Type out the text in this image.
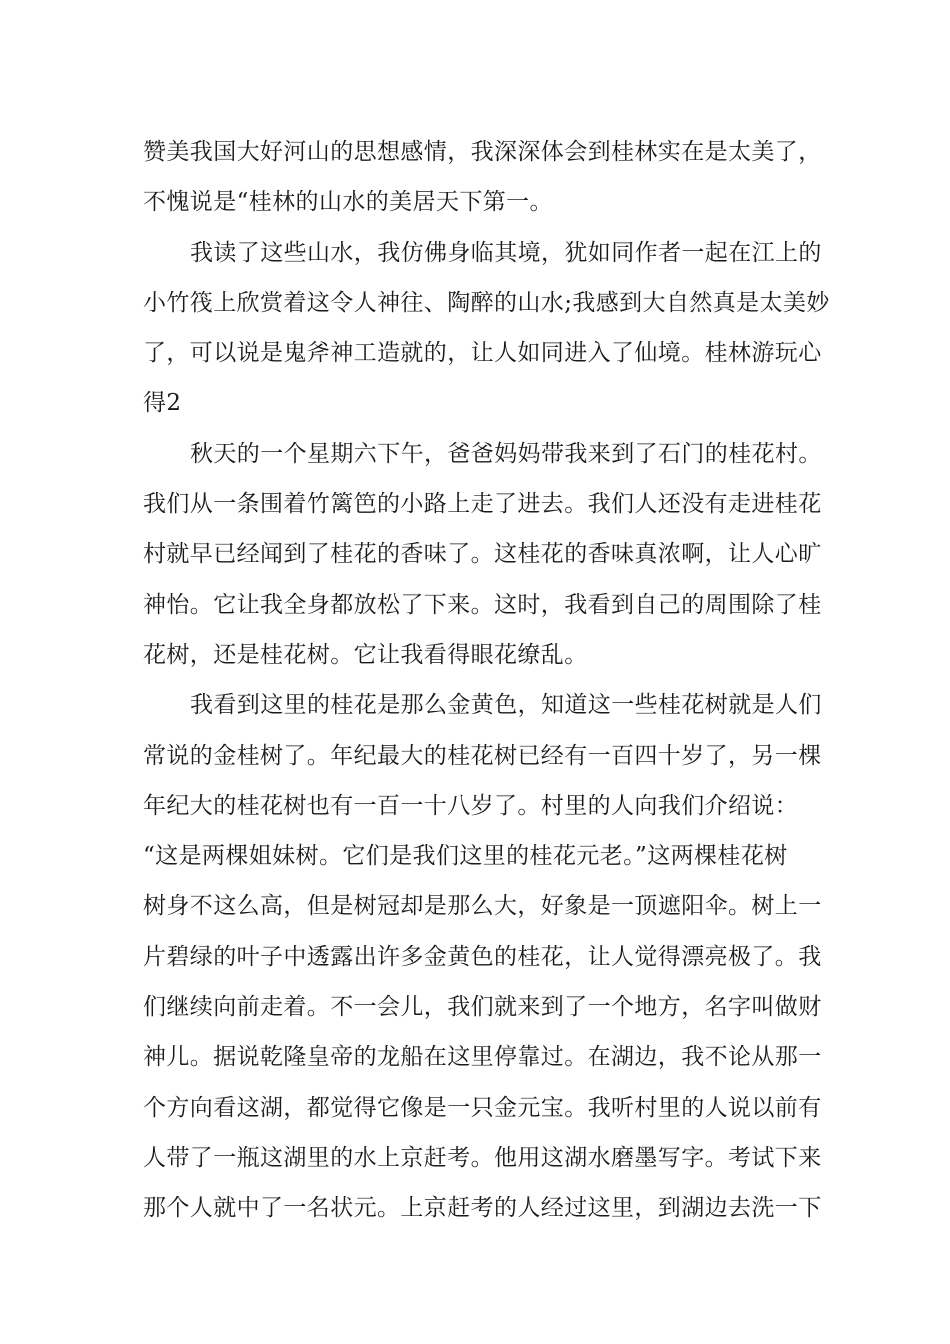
赞美我国大好河山的思想感情，我深深体会到桂林实在是太美了，
不愧说是“桂林的山水的美居天下第一。
我读了这些山水，我仿佛身临其境，犹如同作者一起在江上的
小竹筏上欣赏着这令人神往、陶醉的山水;我感到大自然真是太美妙
了，可以说是鬼斧神工造就的，让人如同进入了仙境。桂林游玩心
得2
秋天的一个星期六下午，爸爸妈妈带我来到了石门的桂花村。
我们从一条围着竹篱笆的小路上走了进去。我们人还没有走进桂花
村就早已经闻到了桂花的香味了。这桂花的香味真浓啊，让人心旷
神怡。它让我全身都放松了下来。这时，我看到自己的周围除了桂
花树，还是桂花树。它让我看得眼花缭乱。
我看到这里的桂花是那么金黄色，知道这一些桂花树就是人们
常说的金桂树了。年纪最大的桂花树已经有一百四十岁了，另一棵
年纪大的桂花树也有一百一十八岁了。村里的人向我们介绍说：
“这是两棵姐妹树。它们是我们这里的桂花元老。”这两棵桂花树
树身不这么高，但是树冠却是那么大，好象是一顶遮阳伞。树上一
片碧绿的叶子中透露出许多金黄色的桂花，让人觉得漂亮极了。我
们继续向前走着。不一会儿，我们就来到了一个地方，名字叫做财
神儿。据说乾隆皇帝的龙船在这里停靠过。在湖边，我不论从那一
个方向看这湖，都觉得它像是一只金元宝。我听村里的人说以前有
人带了一瓶这湖里的水上京赶考。他用这湖水磨墨写字。考试下来
那个人就中了一名状元。上京赶考的人经过这里，到湖边去洗一下
